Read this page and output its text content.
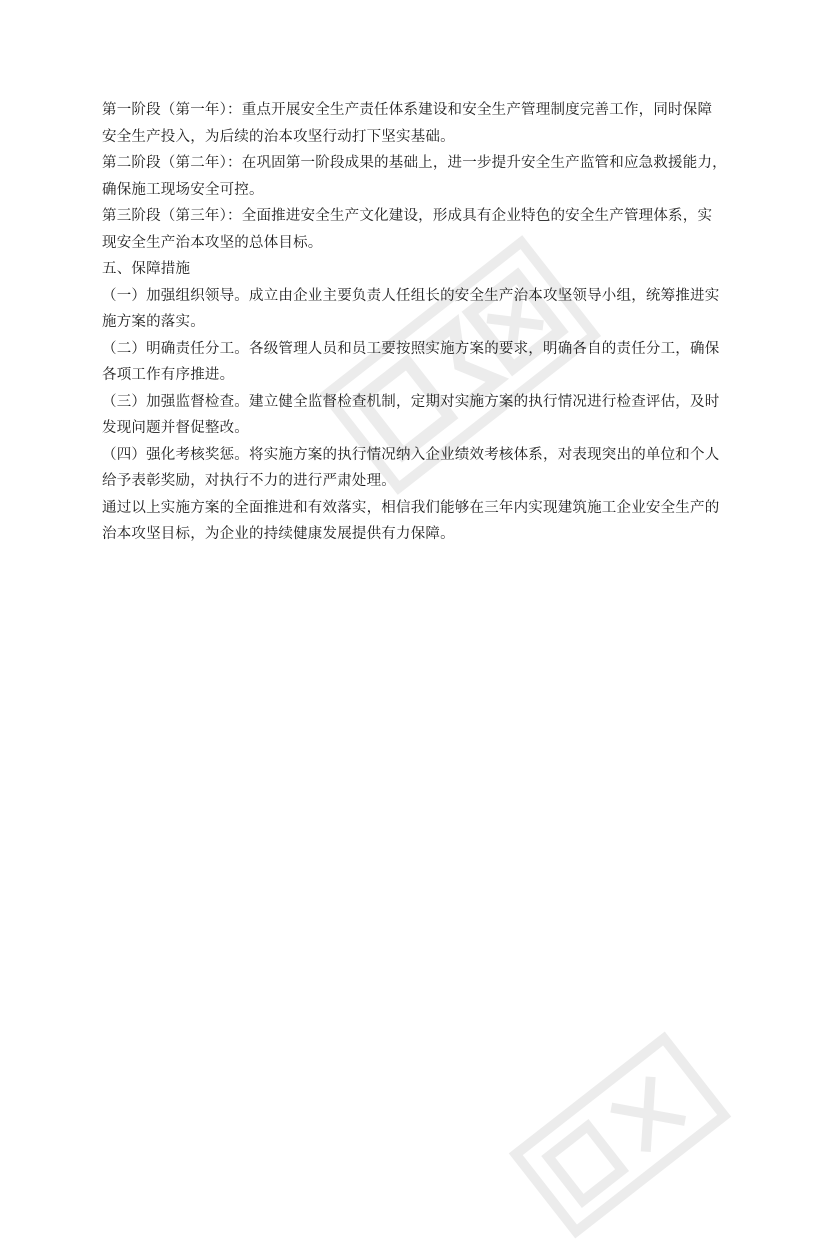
第一阶段（第一年）：重点开展安全生产责任体系建设和安全生产管理制度完善工作，同时保障
安全生产投入，为后续的治本攻坚行动打下坚实基础。
第二阶段（第二年）：在巩固第一阶段成果的基础上，进一步提升安全生产监管和应急救援能力，
确保施工现场安全可控。
第三阶段（第三年）：全面推进安全生产文化建设，形成具有企业特色的安全生产管理体系，实
现安全生产治本攻坚的总体目标。
五、保障措施
（一）加强组织领导。成立由企业主要负责人任组长的安全生产治本攻坚领导小组，统筹推进实
施方案的落实。
（二）明确责任分工。各级管理人员和员工要按照实施方案的要求，明确各自的责任分工，确保
各项工作有序推进。
（三）加强监督检查。建立健全监督检查机制，定期对实施方案的执行情况进行检查评估，及时
发现问题并督促整改。
（四）强化考核奖惩。将实施方案的执行情况纳入企业绩效考核体系，对表现突出的单位和个人
给予表彰奖励，对执行不力的进行严肃处理。
通过以上实施方案的全面推进和有效落实，相信我们能够在三年内实现建筑施工企业安全生产的
治本攻坚目标，为企业的持续健康发展提供有力保障。
